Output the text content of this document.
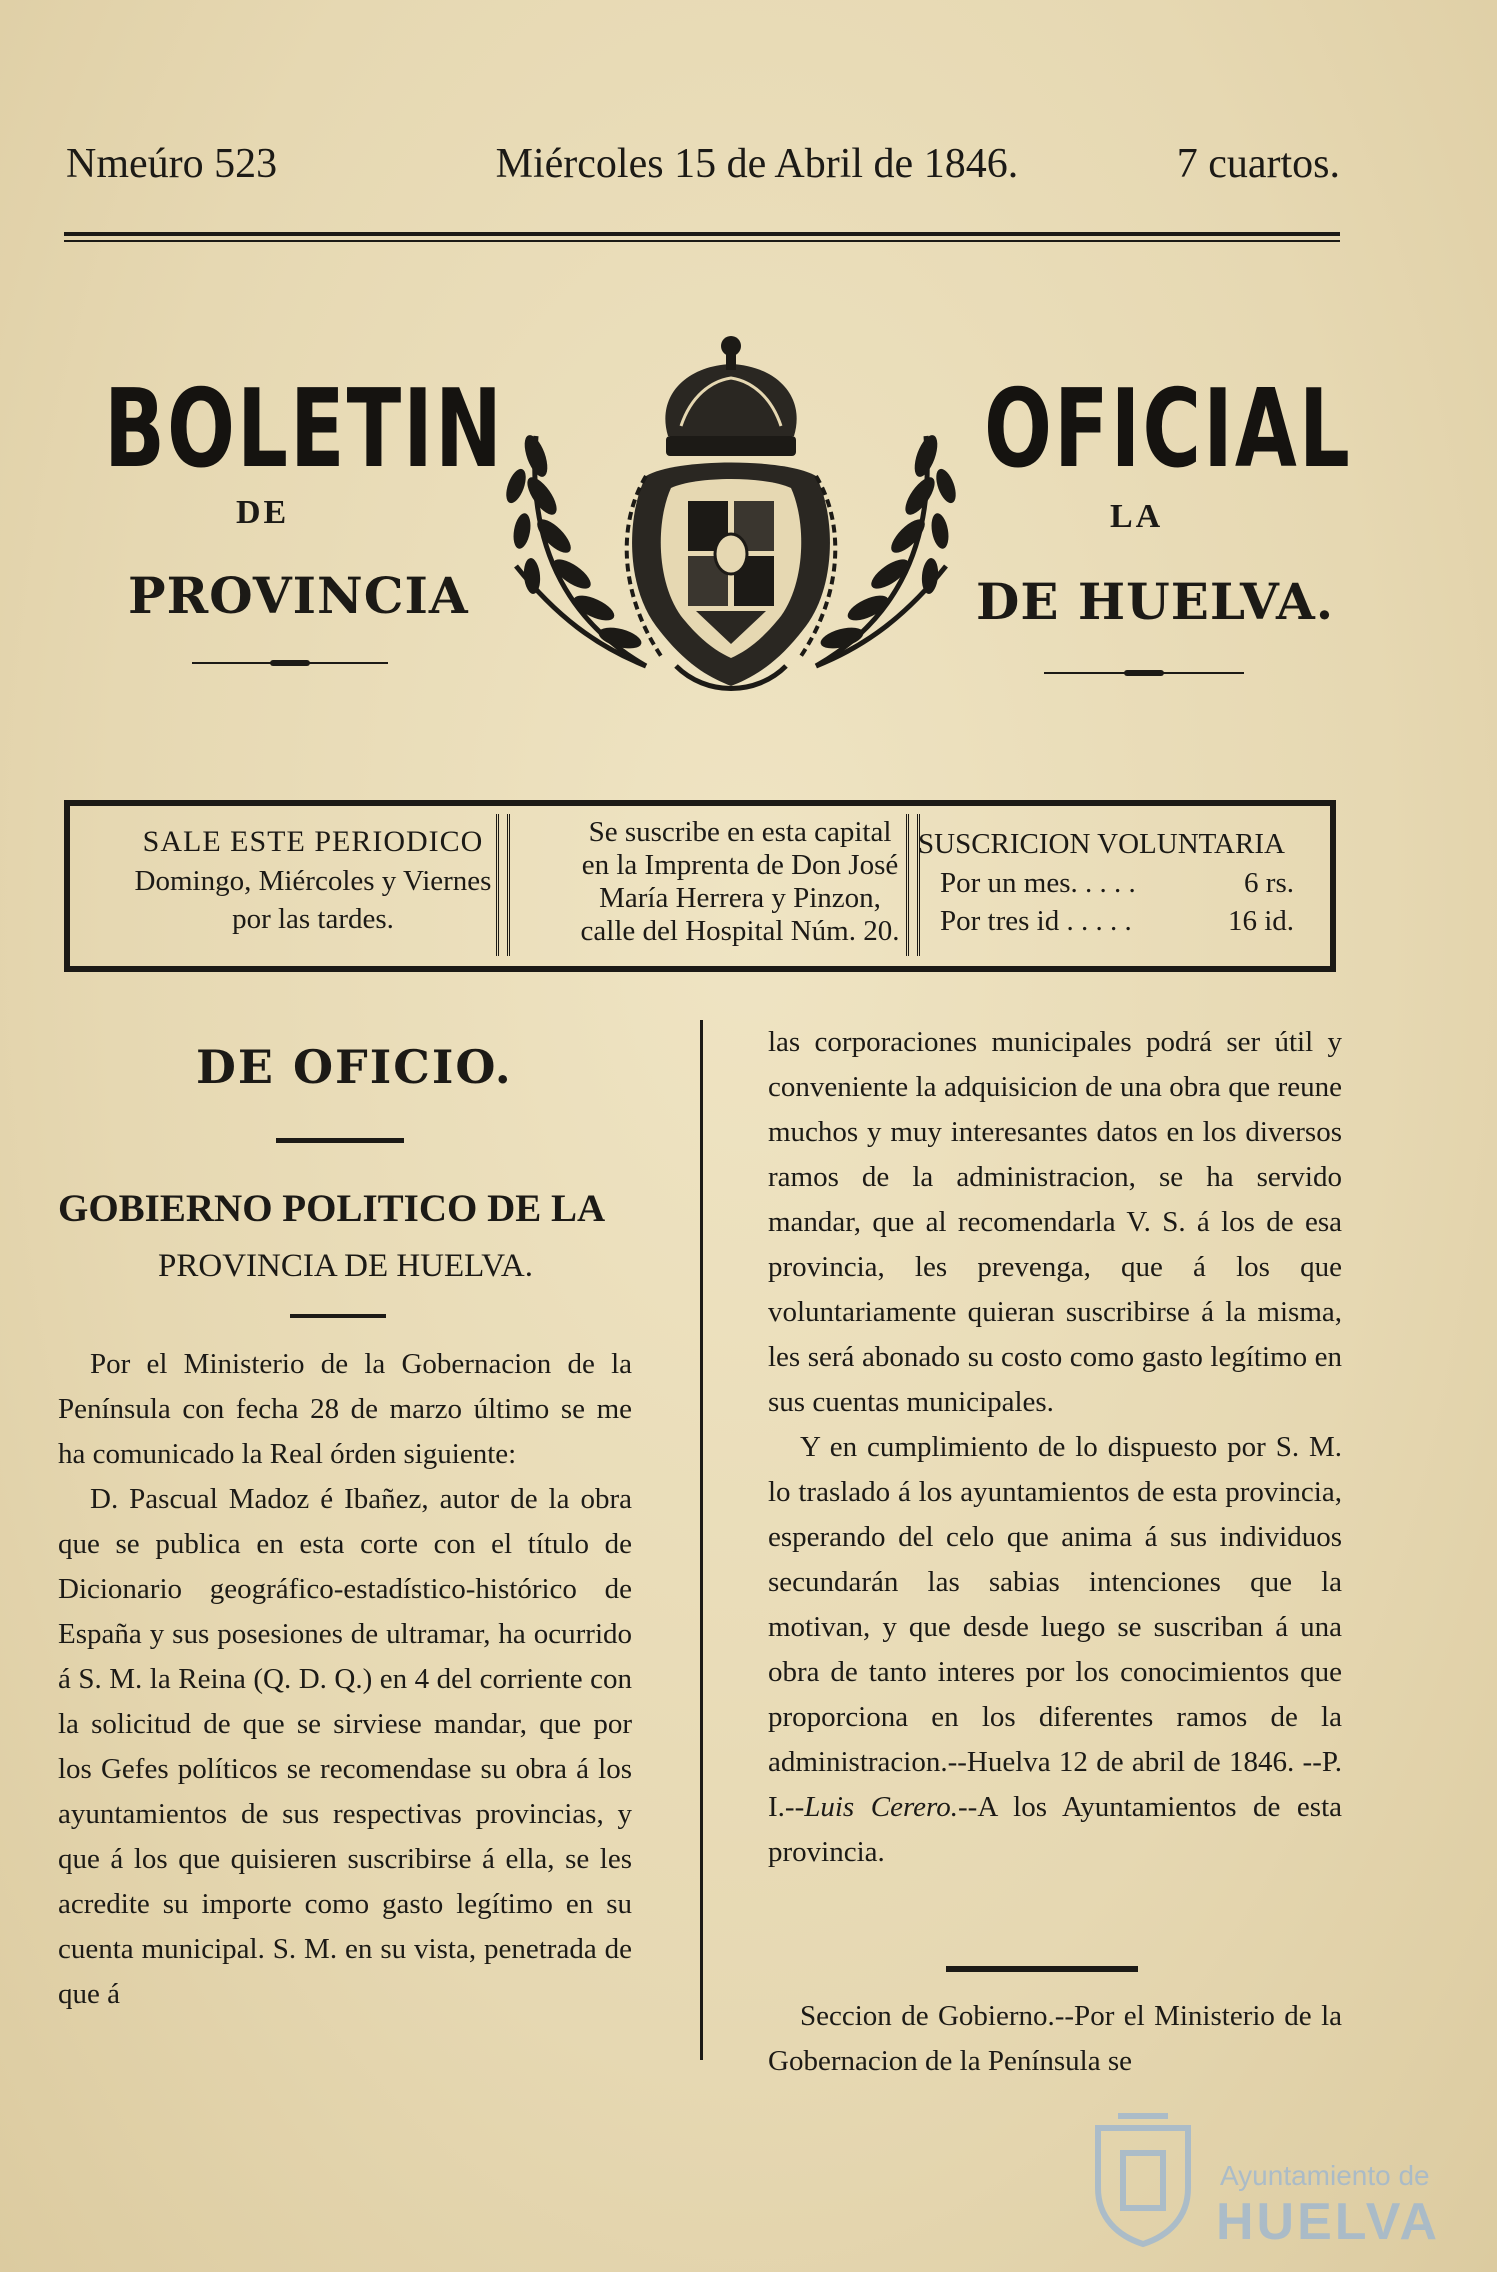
Nmeúro 523	Miércoles 15 de Abril de 1846.	7 cuartos.
BOLETIN	OFICIAL
DE	LA
PROVINCIA	DE HUELVA.
SALE ESTE PERIODICO
Domingo, Miércoles y Viernes
por las tardes.
Se suscribe en esta capital
en la Imprenta de Don José
María Herrera y Pinzon,
calle del Hospital Núm. 20.
SUSCRICION VOLUNTARIA
Por un mes. . . . .	6 rs.
Por tres id . . . . .	16 id.
DE OFICIO.
GOBIERNO POLITICO DE LA
PROVINCIA DE HUELVA.

Por el Ministerio de la Gobernacion de la Península con fecha 28 de marzo último se me ha comunicado la Real órden siguiente:

D. Pascual Madoz é Ibañez, autor de la obra que se publica en esta corte con el título de Dicionario geográfico-estadístico-histórico de España y sus posesiones de ultramar, ha ocurrido á S. M. la Reina (Q. D. Q.) en 4 del corriente con la solicitud de que se sirviese mandar, que por los Gefes políticos se recomendase su obra á los ayuntamientos de sus respectivas provincias, y que á los que quisieren suscribirse á ella, se les acredite su importe como gasto legítimo en su cuenta municipal. S. M. en su vista, penetrada de que á

las corporaciones municipales podrá ser útil y conveniente la adquisicion de una obra que reune muchos y muy interesantes datos en los diversos ramos de la administracion, se ha servido mandar, que al recomendarla V. S. á los de esa provincia, les prevenga, que á los que voluntariamente quieran suscribirse á la misma, les será abonado su costo como gasto legítimo en sus cuentas municipales.

Y en cumplimiento de lo dispuesto por S. M. lo traslado á los ayuntamientos de esta provincia, esperando del celo que anima á sus individuos secundarán las sabias intenciones que la motivan, y que desde luego se suscriban á una obra de tanto interes por los conocimientos que proporciona en los diferentes ramos de la administracion.--Huelva 12 de abril de 1846. --P. I.--Luis Cerero.--A los Ayuntamientos de esta provincia.

Seccion de Gobierno.--Por el Ministerio de la Gobernacion de la Península se

Ayuntamiento de
HUELVA
